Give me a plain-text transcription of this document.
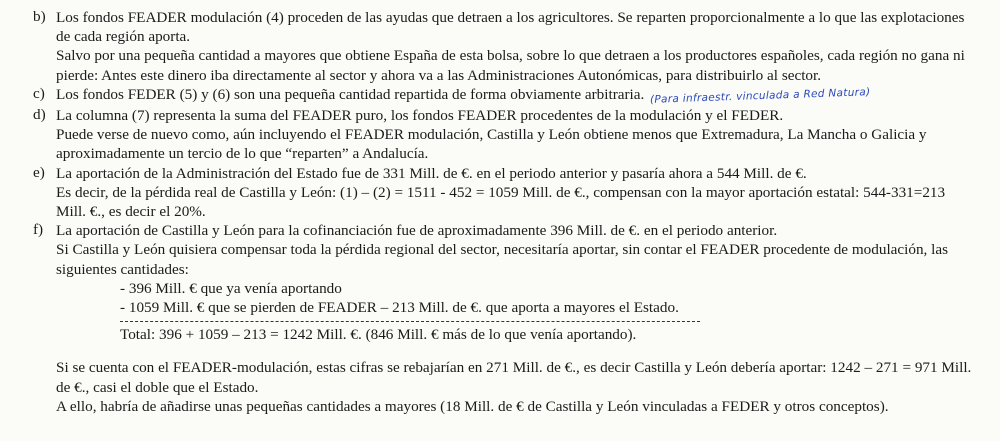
b) Los fondos FEADER modulación (4) proceden de las ayudas que detraen a los agricultores. Se reparten proporcionalmente a lo que las explotaciones
de cada región aporta.
Salvo por una pequeña cantidad a mayores que obtiene España de esta bolsa, sobre lo que detraen a los productores españoles, cada región no gana ni
pierde: Antes este dinero iba directamente al sector y ahora va a las Administraciones Autonómicas, para distribuirlo al sector.
c) Los fondos FEDER (5) y (6) son una pequeña cantidad repartida de forma obviamente arbitraria. (Para infraestr. vinculada a Red Natura)
d) La columna (7) representa la suma del FEADER puro, los fondos FEADER procedentes de la modulación y el FEDER.
Puede verse de nuevo como, aún incluyendo el FEADER modulación, Castilla y León obtiene menos que Extremadura, La Mancha o Galicia y
aproximadamente un tercio de lo que “reparten” a Andalucía.
e) La aportación de la Administración del Estado fue de 331 Mill. de €. en el periodo anterior y pasaría ahora a 544 Mill. de €.
Es decir, de la pérdida real de Castilla y León: (1) – (2) = 1511 - 452 = 1059 Mill. de €., compensan con la mayor aportación estatal: 544-331=213
Mill. €., es decir el 20%.
f) La aportación de Castilla y León para la cofinanciación fue de aproximadamente 396 Mill. de €. en el periodo anterior.
Si Castilla y León quisiera compensar toda la pérdida regional del sector, necesitaría aportar, sin contar el FEADER procedente de modulación, las
siguientes cantidades:
- 396 Mill. € que ya venía aportando
- 1059 Mill. € que se pierden de FEADER – 213 Mill. de €. que aporta a mayores el Estado.
Total: 396 + 1059 – 213 = 1242 Mill. €. (846 Mill. € más de lo que venía aportando).
Si se cuenta con el FEADER-modulación, estas cifras se rebajarían en 271 Mill. de €., es decir Castilla y León debería aportar: 1242 – 271 = 971 Mill.
de €., casi el doble que el Estado.
A ello, habría de añadirse unas pequeñas cantidades a mayores (18 Mill. de € de Castilla y León vinculadas a FEDER y otros conceptos).
